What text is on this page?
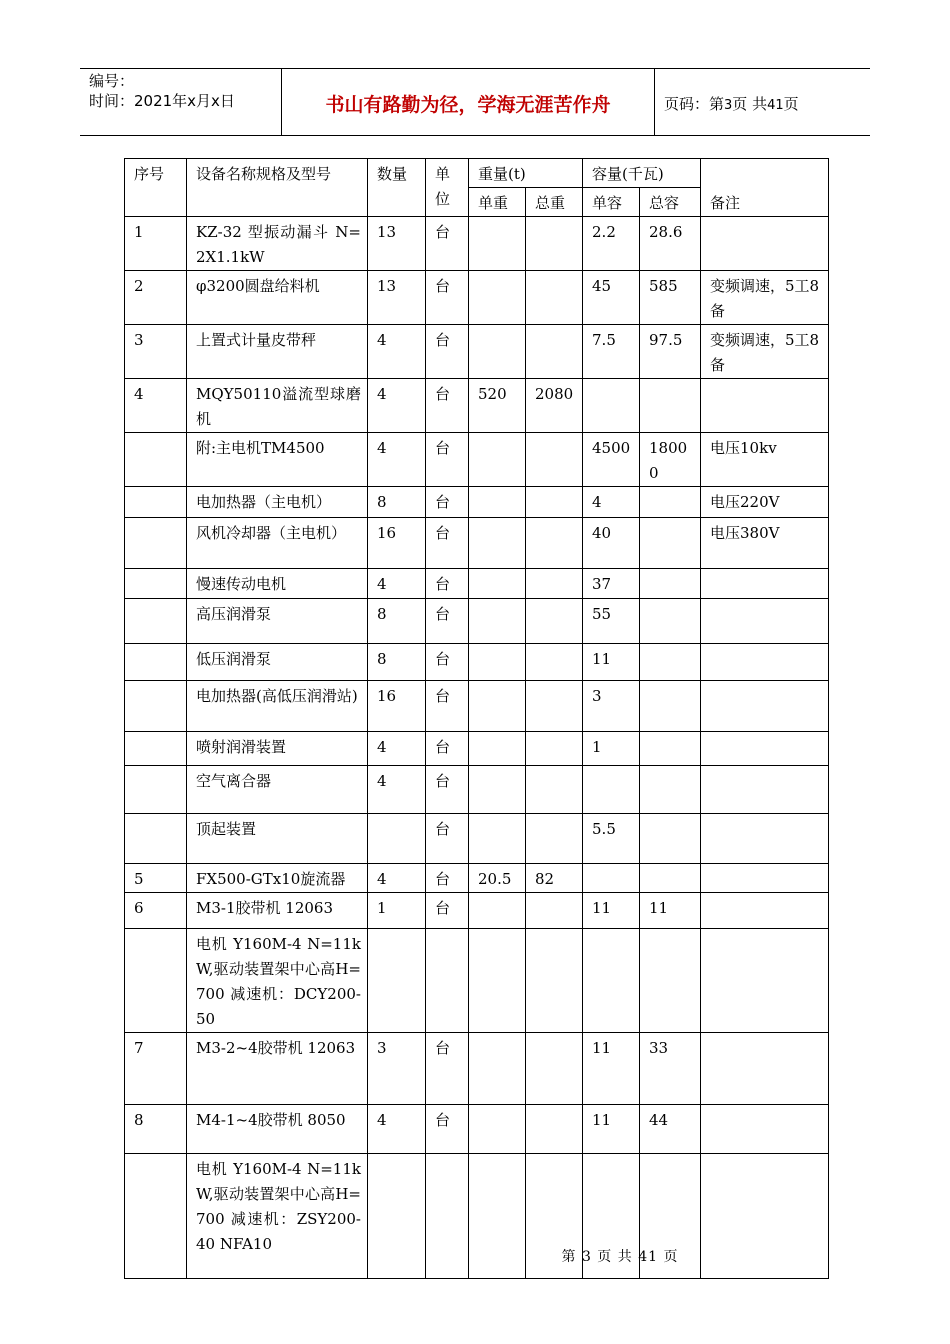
编号：
时间：2021年x月x日	书山有路勤为径，学海无涯苦作舟	页码：第3页 共41页
序号	设备名称规格及型号	数量	单位	重量(t)		容量(千瓦)		备注
				单重	总重	单容	总容	
1	KZ-32 型振动漏斗 N=2X1.1kW	13	台			2.2	28.6	
2	φ3200圆盘给料机	13	台			45	585	变频调速，5工8备
3	上置式计量皮带秤	4	台			7.5	97.5	变频调速，5工8备
4	MQY50110溢流型球磨机	4	台	520	2080			
	附:主电机TM4500	4	台			4500	18000	电压10kv
	电加热器（主电机）	8	台			4		电压220V
	风机冷却器（主电机）	16	台			40		电压380V
	慢速传动电机	4	台			37		
	高压润滑泵	8	台			55		
	低压润滑泵	8	台			11		
	电加热器(高低压润滑站)	16	台			3		
	喷射润滑装置	4	台			1		
	空气离合器	4	台					
	顶起装置		台			5.5		
5	FX500-GTx10旋流器	4	台	20.5	82			
6	M3-1胶带机 12063	1	台			11	11	
	电机 Y160M-4 N=11kW,驱动装置架中心高H=700 减速机：DCY200-50							
7	M3-2~4胶带机 12063	3	台			11	33	
8	M4-1~4胶带机 8050	4	台			11	44	
	电机 Y160M-4 N=11kW,驱动装置架中心高H=700 减速机：ZSY200-40 NFA10							
第 3 页 共 41 页
